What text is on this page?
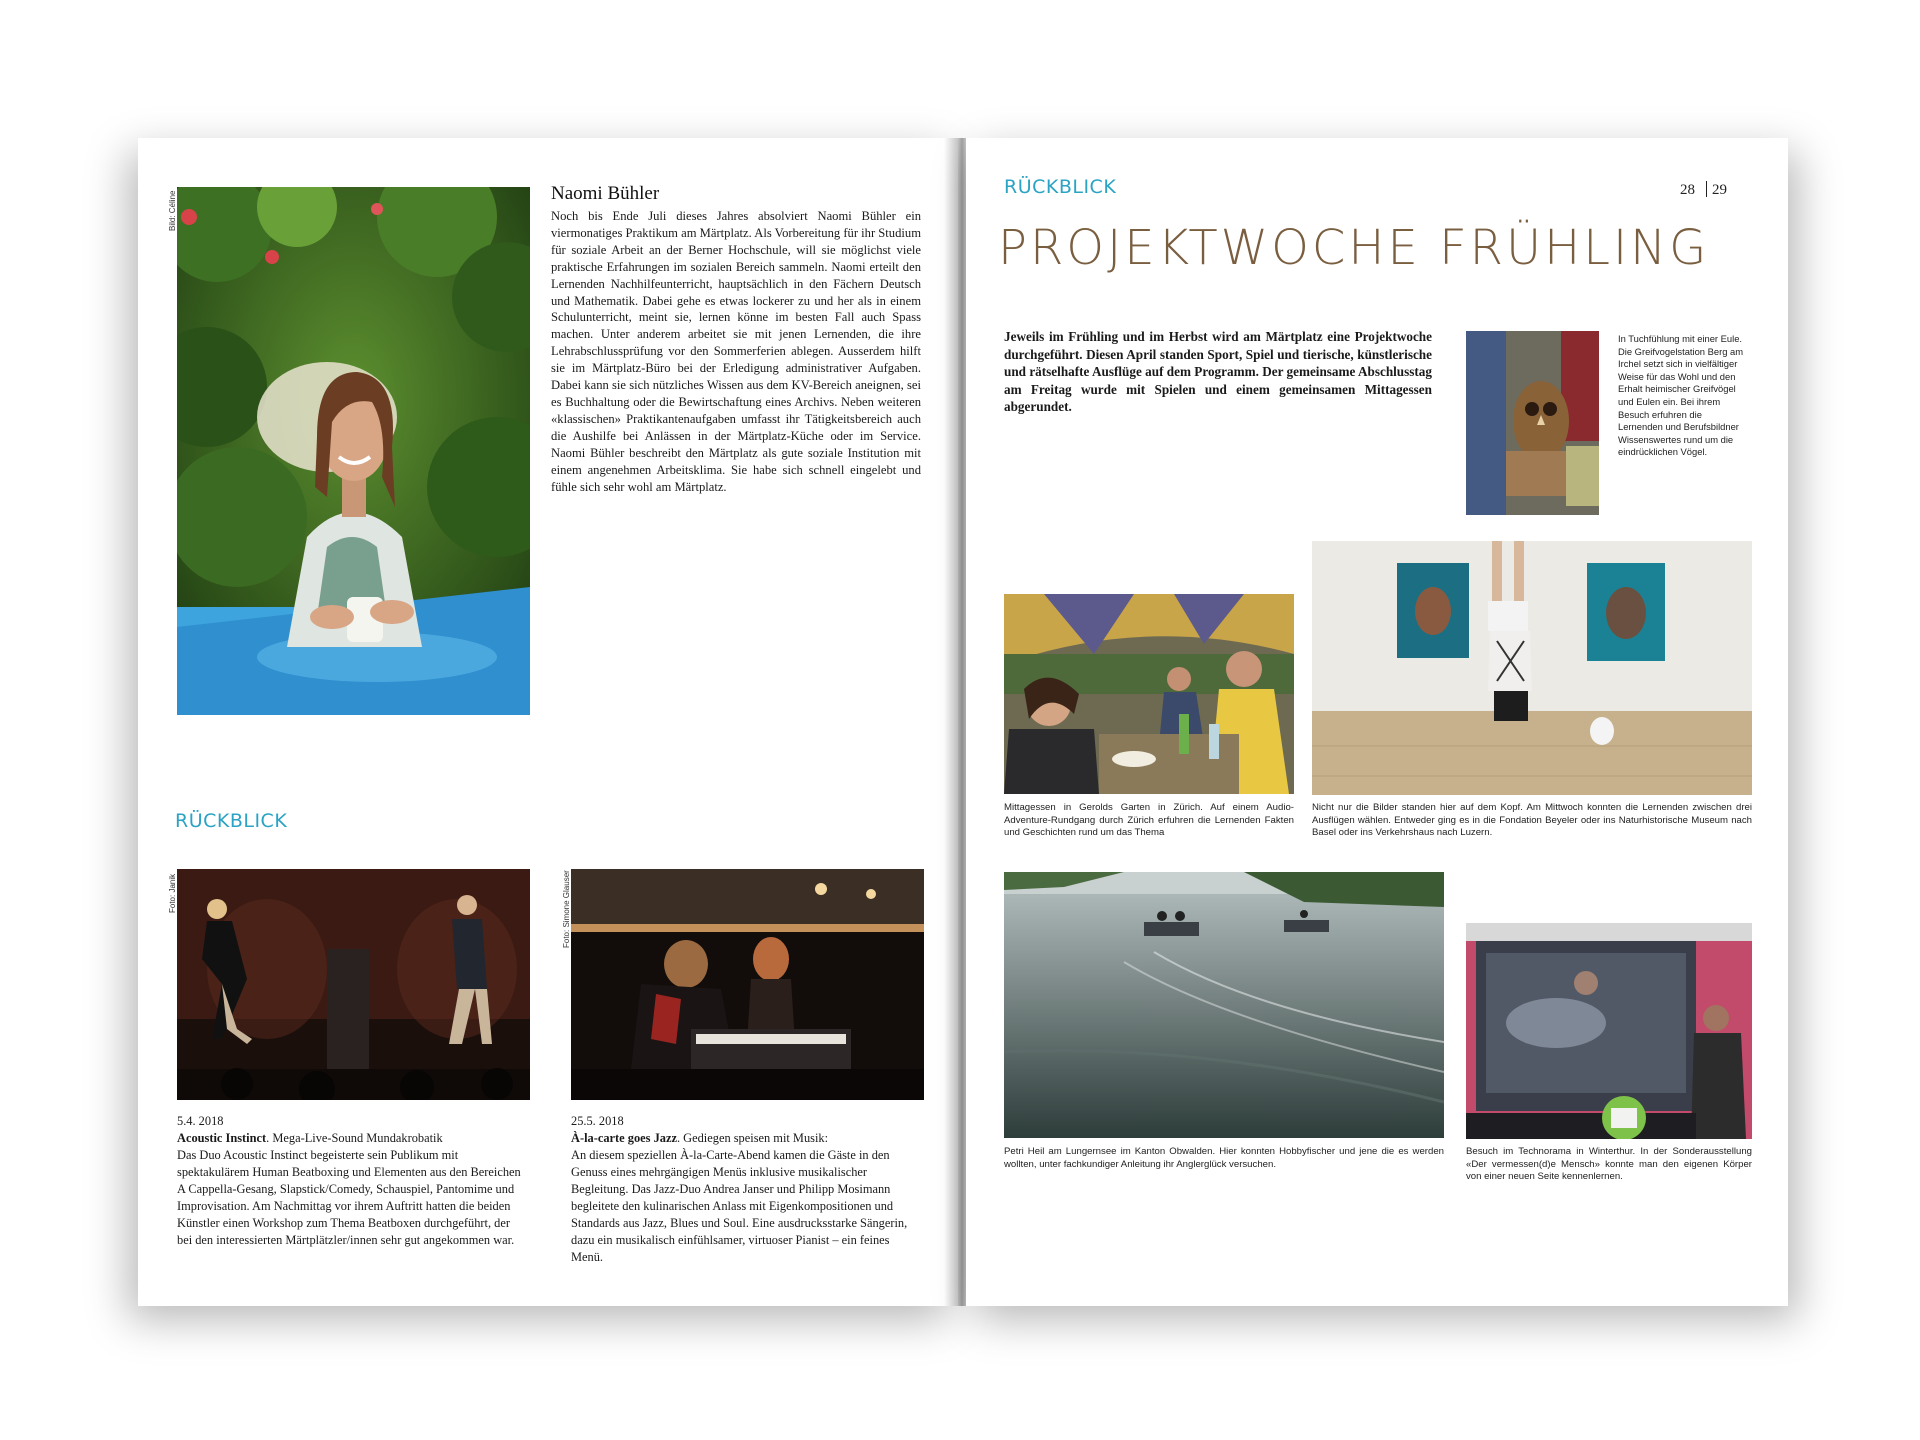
Bild: Céline	Naomi Bühler
Noch bis Ende Juli dieses Jahres absolviert Naomi Bühler ein viermonatiges Praktikum am Märtplatz. Als Vorbereitung für ihr Studium für soziale Arbeit an der Berner Hochschule, will sie möglichst viele praktische Erfahrungen im sozialen Bereich sammeln. Naomi erteilt den Lernenden Nachhilfeunterricht, hauptsächlich in den Fächern Deutsch und Mathematik. Dabei gehe es etwas lockerer zu und her als in einem Schulunterricht, meint sie, lernen könne im besten Fall auch Spass machen. Unter anderem arbeitet sie mit jenen Lernenden, die ihre Lehrabschlussprüfung vor den Sommerferien ablegen. Ausserdem hilft sie im Märtplatz-Büro bei der Erledigung administrativer Aufgaben. Dabei kann sie sich nützliches Wissen aus dem KV-Bereich aneignen, sei es Buchhaltung oder die Bewirtschaftung eines Archivs. Neben weiteren «klassischen» Praktikantenaufgaben umfasst ihr Tätigkeitsbereich auch die Aushilfe bei Anlässen in der Märtplatz-Küche oder im Service. Naomi Bühler beschreibt den Märtplatz als gute soziale Institution mit einem angenehmen Arbeitsklima. Sie habe sich schnell eingelebt und fühle sich sehr wohl am Märtplatz.
RÜCKBLICK
Foto: Janik	Foto: Simone Glauser
5.4. 2018
Acoustic Instinct. Mega-Live-Sound Mundakrobatik
Das Duo Acoustic Instinct begeisterte sein Publikum mit spektakulärem Human Beatboxing und Elementen aus den Bereichen A Cappella-Gesang, Slapstick/Comedy, Schauspiel, Pantomime und Improvisation. Am Nachmittag vor ihrem Auftritt hatten die beiden Künstler einen Workshop zum Thema Beatboxen durchgeführt, der bei den interessierten Märtplätzler/innen sehr gut angekommen war.
25.5. 2018
À-la-carte goes Jazz. Gediegen speisen mit Musik:
An diesem speziellen À-la-Carte-Abend kamen die Gäste in den Genuss eines mehrgängigen Menüs inklusive musikalischer Begleitung. Das Jazz-Duo Andrea Janser und Philipp Mosimann begleitete den kulinarischen Anlass mit Eigenkompositionen und Standards aus Jazz, Blues und Soul. Eine ausdrucksstarke Sängerin, dazu ein musikalisch einfühlsamer, virtuoser Pianist – ein feines Menü.
RÜCKBLICK	28 29
PROJEKTWOCHE FRÜHLING
Jeweils im Frühling und im Herbst wird am Märtplatz eine Projektwoche durchgeführt. Diesen April standen Sport, Spiel und tierische, künstlerische und rätselhafte Ausflüge auf dem Programm. Der gemeinsame Abschlusstag am Freitag wurde mit Spielen und einem gemeinsamen Mittagessen abgerundet.
In Tuchfühlung mit einer Eule. Die Greifvogelstation Berg am Irchel setzt sich in vielfältiger Weise für das Wohl und den Erhalt heimischer Greifvögel und Eulen ein. Bei ihrem Besuch erfuhren die Lernenden und Berufsbildner Wissenswertes rund um die eindrücklichen Vögel.
Mittagessen in Gerolds Garten in Zürich. Auf einem Audio-Adventure-Rundgang durch Zürich erfuhren die Lernenden Fakten und Geschichten rund um das Thema
Nicht nur die Bilder standen hier auf dem Kopf. Am Mittwoch konnten die Lernenden zwischen drei Ausflügen wählen. Entweder ging es in die Fondation Beyeler oder ins Naturhistorische Museum nach Basel oder ins Verkehrshaus nach Luzern.
Petri Heil am Lungernsee im Kanton Obwalden. Hier konnten Hobbyfischer und jene die es werden wollten, unter fachkundiger Anleitung ihr Anglerglück versuchen.
Besuch im Technorama in Winterthur. In der Sonderausstellung «Der vermessen(d)e Mensch» konnte man den eigenen Körper von einer neuen Seite kennenlernen.
